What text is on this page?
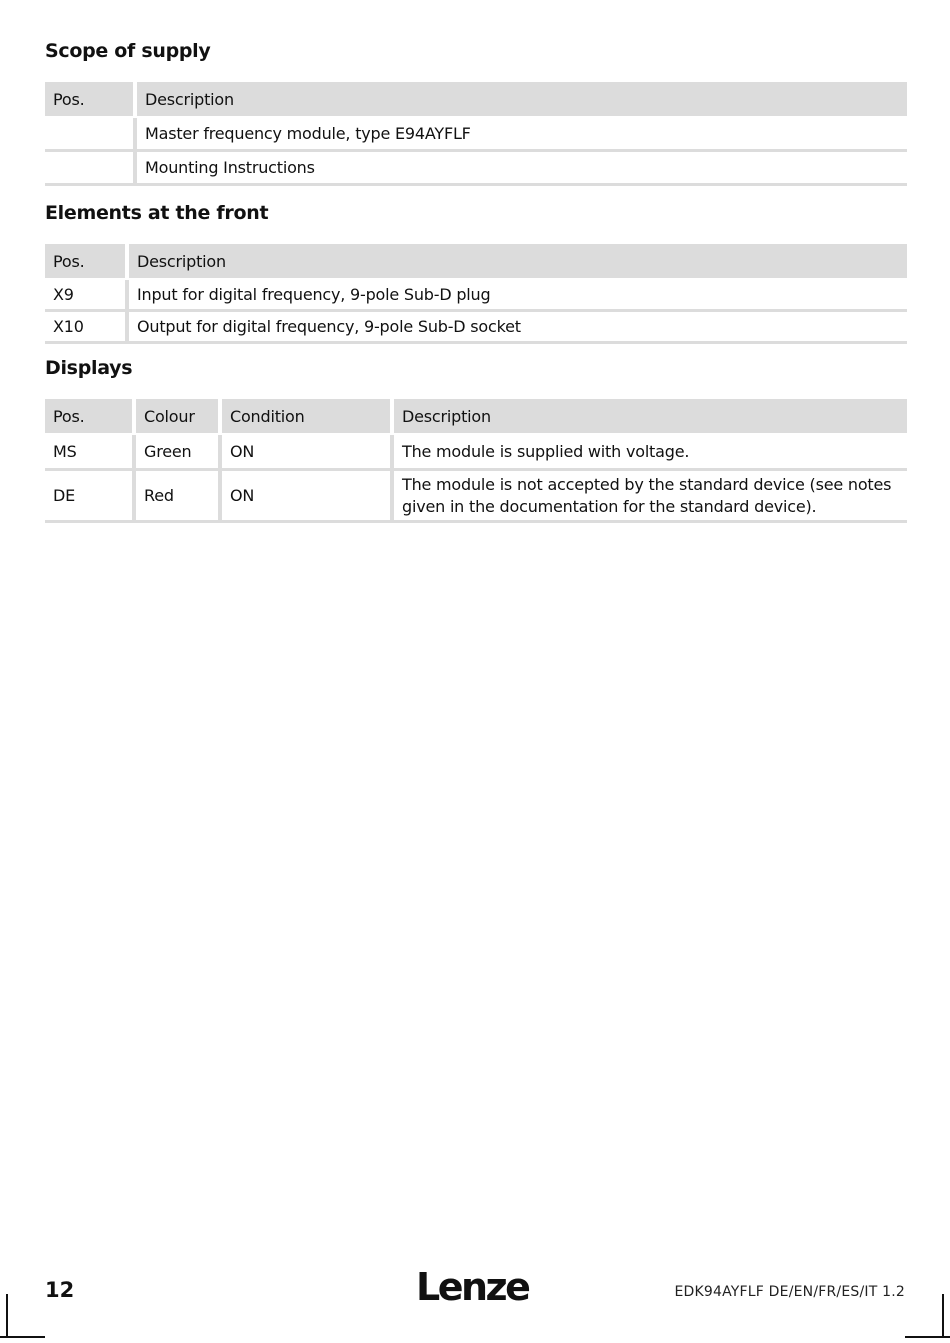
Scope of supply
Pos.	Description
	Master frequency module, type E94AYFLF
	Mounting Instructions
Elements at the front
Pos.	Description
X9	Input for digital frequency, 9-pole Sub-D plug
X10	Output for digital frequency, 9-pole Sub-D socket
Displays
Pos.	Colour	Condition	Description
MS	Green	ON	The module is supplied with voltage.
DE	Red	ON	The module is not accepted by the standard device (see notes given in the documentation for the standard device).
12	Lenze	EDK94AYFLF DE/EN/FR/ES/IT 1.2
